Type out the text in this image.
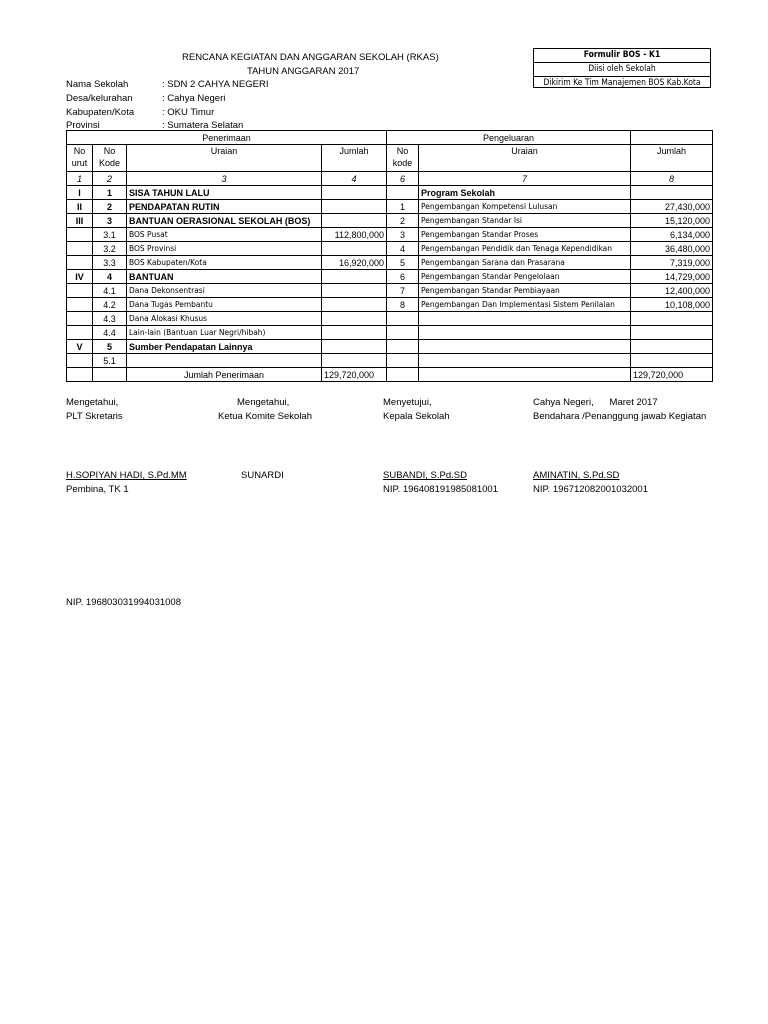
RENCANA KEGIATAN DAN ANGGARAN SEKOLAH (RKAS)
TAHUN ANGGARAN 2017
Formulir BOS - K1
Diisi oleh Sekolah
Dikirim Ke Tim Manajemen BOS Kab.Kota
Nama Sekolah	: SDN 2 CAHYA NEGERI
Desa/kelurahan	: Cahya Negeri
Kabupaten/Kota	: OKU Timur
Provinsi	: Sumatera Selatan
Penerimaan				Pengeluaran		
No urut	No Kode	Uraian	Jumlah	No kode	Uraian	Jumlah
1	2	3	4	6	7	8
I	1	SISA TAHUN LALU			Program Sekolah	
II	2	PENDAPATAN RUTIN		1	Pengembangan Kompetensi Lulusan	27,430,000
III	3	BANTUAN OERASIONAL SEKOLAH (BOS)		2	Pengembangan Standar Isi	15,120,000
	3.1	BOS Pusat	112,800,000	3	Pengembangan Standar Proses	6,134,000
	3.2	BOS Provinsi		4	Pengembangan Pendidik dan Tenaga Kependidikan	36,480,000
	3.3	BOS Kabupaten/Kota	16,920,000	5	Pengembangan Sarana dan Prasarana	7,319,000
IV	4	BANTUAN		6	Pengembangan Standar Pengelolaan	14,729,000
	4.1	Dana Dekonsentrasi		7	Pengembangan Standar Pembiayaan	12,400,000
	4.2	Dana Tugas Pembantu		8	Pengembangan Dan Implementasi Sistem Penilaian	10,108,000
	4.3	Dana Alokasi Khusus				
	4.4	Lain-lain (Bantuan Luar Negri/hibah)				
V	5	Sumber Pendapatan Lainnya				
	5.1					
		Jumlah Penerimaan	129,720,000			129,720,000
Mengetahui,
PLT Skretaris
H.SOPIYAN HADI, S.Pd.MM
Pembina, TK 1
NIP. 196803031994031008
Mengetahui,
Ketua Komite Sekolah
SUNARDI
Menyetujui,
Kepala Sekolah
SUBANDI, S.Pd.SD
NIP. 196408191985081001
Cahya Negeri,      Maret 2017
Bendahara /Penanggung jawab Kegiatan
AMINATIN, S.Pd.SD
NIP. 196712082001032001
